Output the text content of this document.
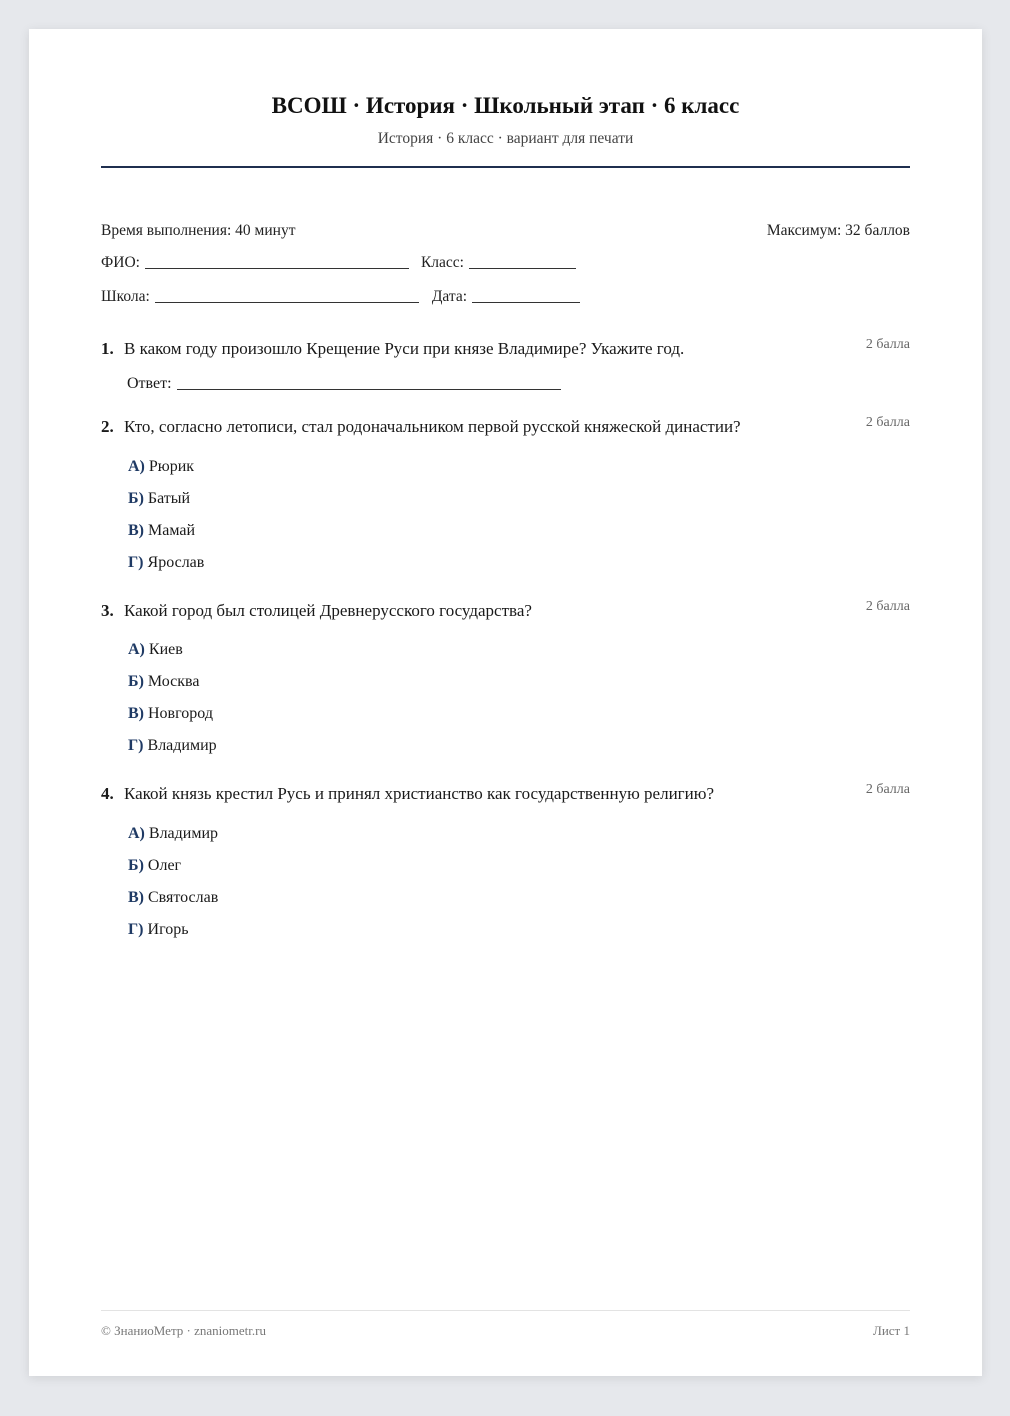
ВСОШ · История · Школьный этап · 6 класс
История · 6 класс · вариант для печати
Время выполнения: 40 минут	Максимум: 32 баллов
ФИО:	Класс:
Школа:	Дата:
1. В каком году произошло Крещение Руси при князе Владимире? Укажите год.	2 балла
Ответ:
2. Кто, согласно летописи, стал родоначальником первой русской княжеской династии?	2 балла
А) Рюрик
Б) Батый
В) Мамай
Г) Ярослав
3. Какой город был столицей Древнерусского государства?	2 балла
А) Киев
Б) Москва
В) Новгород
Г) Владимир
4. Какой князь крестил Русь и принял христианство как государственную религию?	2 балла
А) Владимир
Б) Олег
В) Святослав
Г) Игорь
© ЗнаниоМетр · znaniometr.ru	Лист 1
